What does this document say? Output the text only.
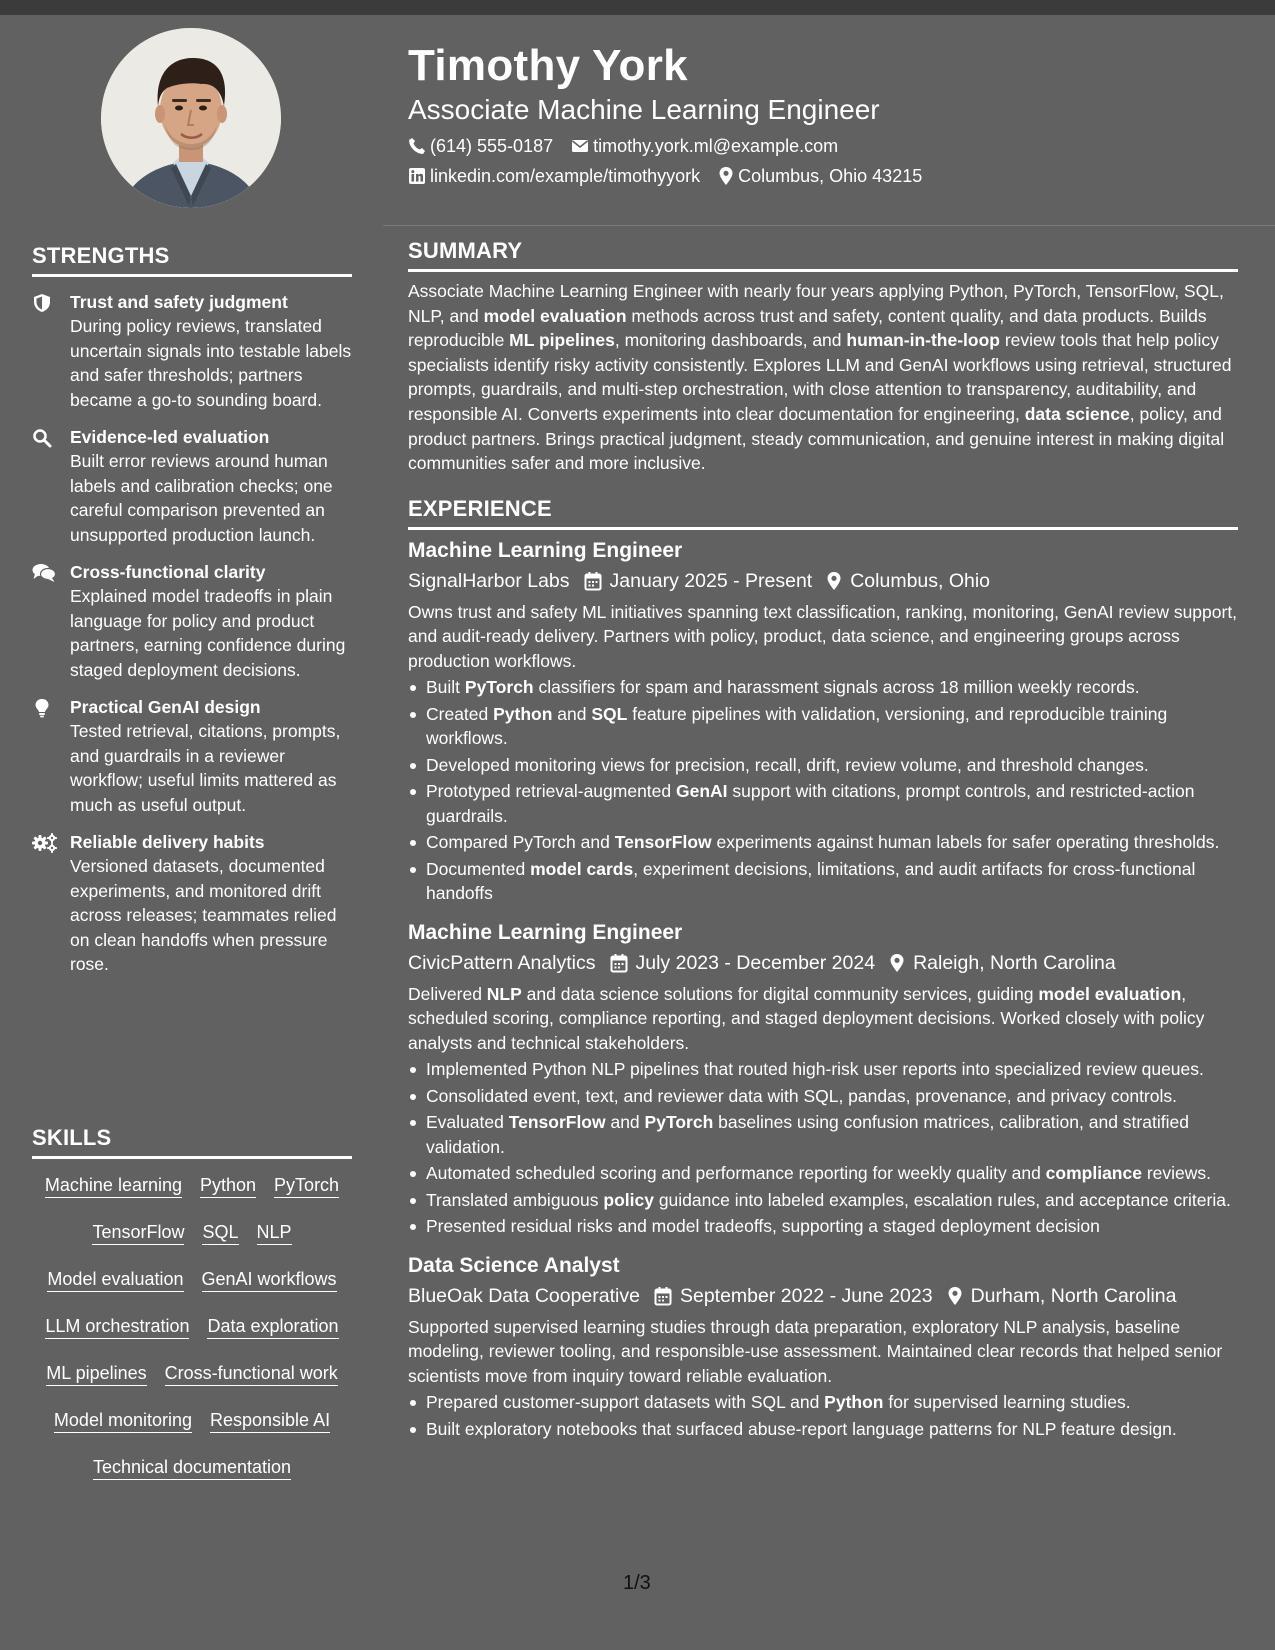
STRENGTHS
Trust and safety judgment
During policy reviews, translated uncertain signals into testable labels and safer thresholds; partners became a go-to sounding board.
Evidence-led evaluation
Built error reviews around human labels and calibration checks; one careful comparison prevented an unsupported production launch.
Cross-functional clarity
Explained model tradeoffs in plain language for policy and product partners, earning confidence during staged deployment decisions.
Practical GenAI design
Tested retrieval, citations, prompts, and guardrails in a reviewer workflow; useful limits mattered as much as useful output.
Reliable delivery habits
Versioned datasets, documented experiments, and monitored drift across releases; teammates relied on clean handoffs when pressure rose.
SKILLS
Machine learning Python PyTorch
TensorFlow SQL NLP
Model evaluation GenAI workflows
LLM orchestration Data exploration
ML pipelines Cross-functional work
Model monitoring Responsible AI
Technical documentation
Timothy York
Associate Machine Learning Engineer
(614) 555-0187 timothy.york.ml@example.com
linkedin.com/example/timothyyork Columbus, Ohio 43215
SUMMARY
Associate Machine Learning Engineer with nearly four years applying Python, PyTorch, TensorFlow, SQL, NLP, and model evaluation methods across trust and safety, content quality, and data products. Builds reproducible ML pipelines, monitoring dashboards, and human-in-the-loop review tools that help policy specialists identify risky activity consistently. Explores LLM and GenAI workflows using retrieval, structured prompts, guardrails, and multi-step orchestration, with close attention to transparency, auditability, and responsible AI. Converts experiments into clear documentation for engineering, data science, policy, and product partners. Brings practical judgment, steady communication, and genuine interest in making digital communities safer and more inclusive.
EXPERIENCE
Machine Learning Engineer
SignalHarbor Labs January 2025 - Present Columbus, Ohio
Owns trust and safety ML initiatives spanning text classification, ranking, monitoring, GenAI review support, and audit-ready delivery. Partners with policy, product, data science, and engineering groups across production workflows.
Built PyTorch classifiers for spam and harassment signals across 18 million weekly records.
Created Python and SQL feature pipelines with validation, versioning, and reproducible training workflows.
Developed monitoring views for precision, recall, drift, review volume, and threshold changes.
Prototyped retrieval-augmented GenAI support with citations, prompt controls, and restricted-action guardrails.
Compared PyTorch and TensorFlow experiments against human labels for safer operating thresholds.
Documented model cards, experiment decisions, limitations, and audit artifacts for cross-functional handoffs
Machine Learning Engineer
CivicPattern Analytics July 2023 - December 2024 Raleigh, North Carolina
Delivered NLP and data science solutions for digital community services, guiding model evaluation, scheduled scoring, compliance reporting, and staged deployment decisions. Worked closely with policy analysts and technical stakeholders.
Implemented Python NLP pipelines that routed high-risk user reports into specialized review queues.
Consolidated event, text, and reviewer data with SQL, pandas, provenance, and privacy controls.
Evaluated TensorFlow and PyTorch baselines using confusion matrices, calibration, and stratified validation.
Automated scheduled scoring and performance reporting for weekly quality and compliance reviews.
Translated ambiguous policy guidance into labeled examples, escalation rules, and acceptance criteria.
Presented residual risks and model tradeoffs, supporting a staged deployment decision
Data Science Analyst
BlueOak Data Cooperative September 2022 - June 2023 Durham, North Carolina
Supported supervised learning studies through data preparation, exploratory NLP analysis, baseline modeling, reviewer tooling, and responsible-use assessment. Maintained clear records that helped senior scientists move from inquiry toward reliable evaluation.
Prepared customer-support datasets with SQL and Python for supervised learning studies.
Built exploratory notebooks that surfaced abuse-report language patterns for NLP feature design.
1/3
